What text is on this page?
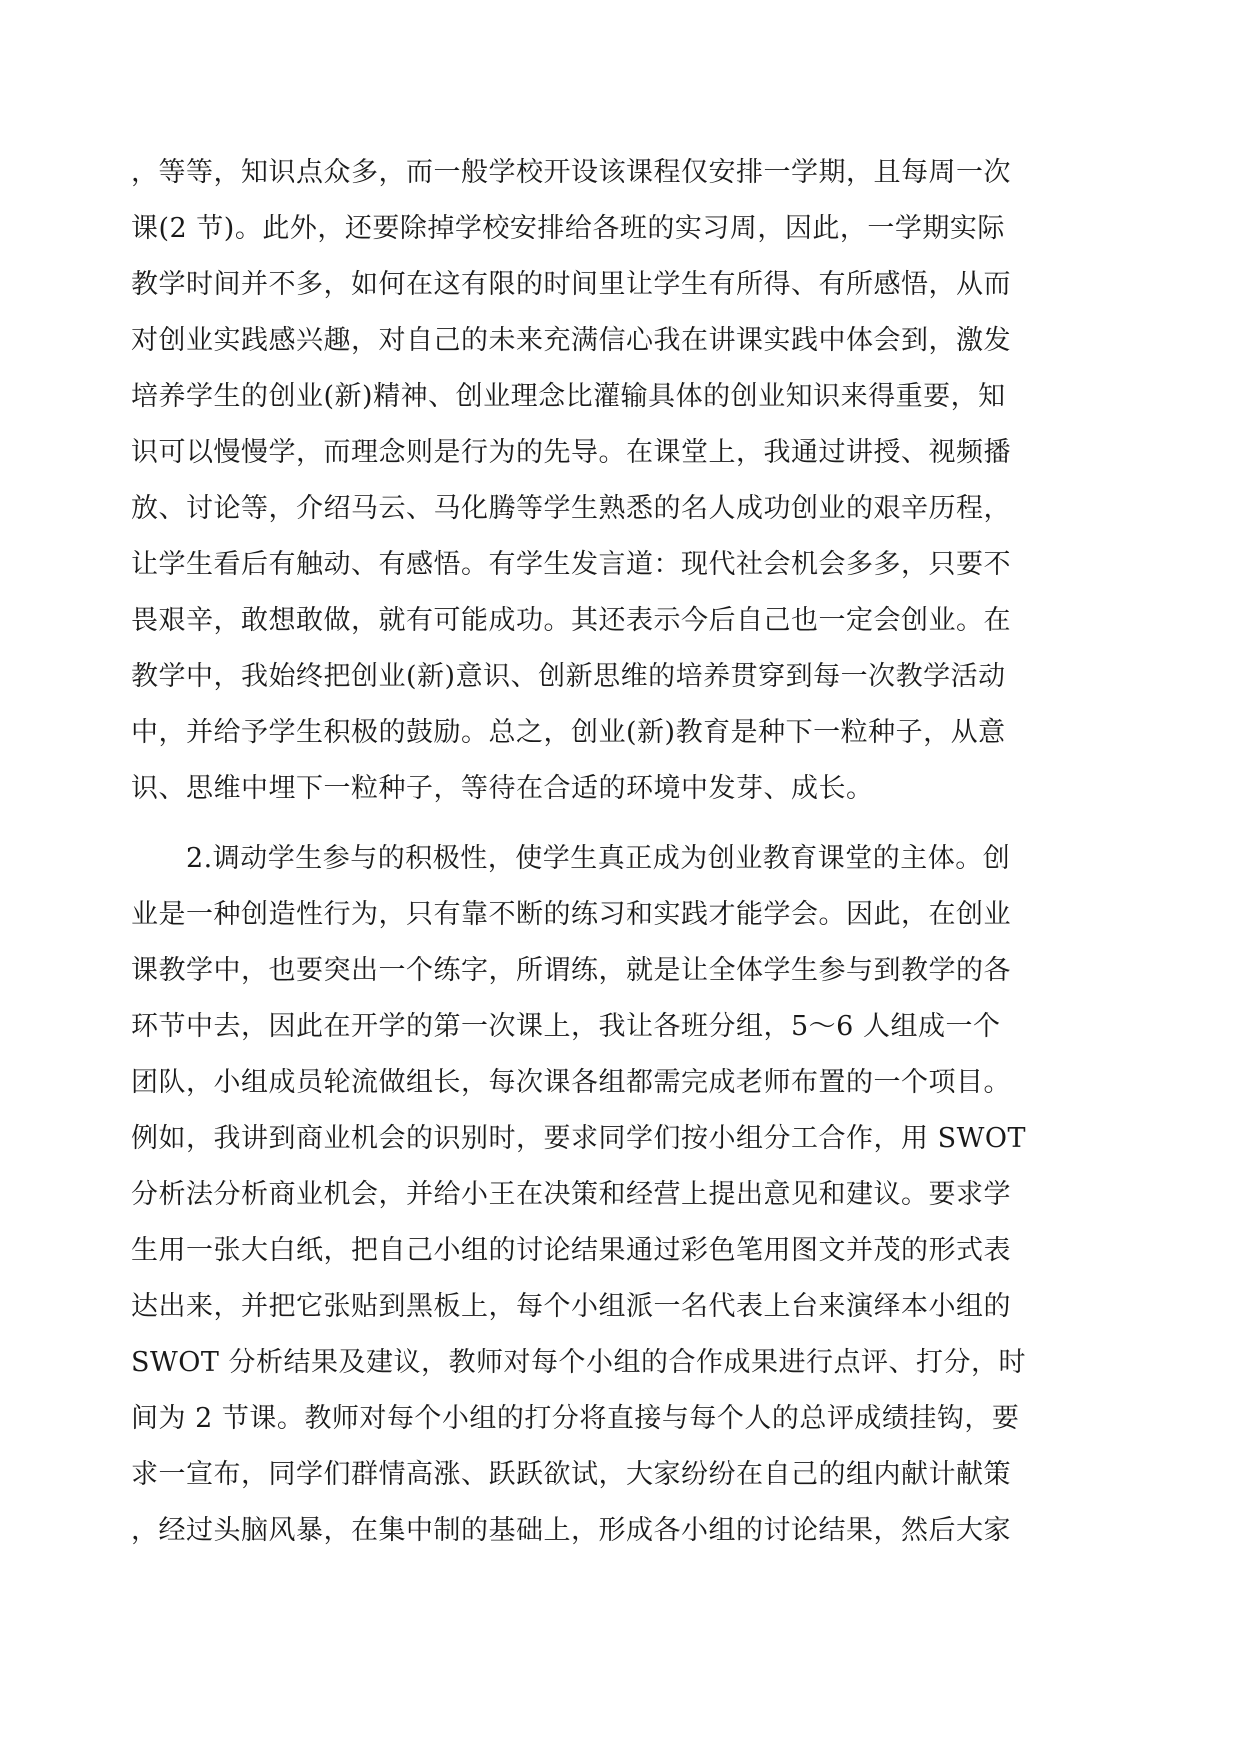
，等等，知识点众多，而一般学校开设该课程仅安排一学期，且每周一次
课(2 节)。此外，还要除掉学校安排给各班的实习周，因此，一学期实际
教学时间并不多，如何在这有限的时间里让学生有所得、有所感悟，从而
对创业实践感兴趣，对自己的未来充满信心我在讲课实践中体会到，激发
培养学生的创业(新)精神、创业理念比灌输具体的创业知识来得重要，知
识可以慢慢学，而理念则是行为的先导。在课堂上，我通过讲授、视频播
放、讨论等，介绍马云、马化腾等学生熟悉的名人成功创业的艰辛历程，
让学生看后有触动、有感悟。有学生发言道：现代社会机会多多，只要不
畏艰辛，敢想敢做，就有可能成功。其还表示今后自己也一定会创业。在
教学中，我始终把创业(新)意识、创新思维的培养贯穿到每一次教学活动
中，并给予学生积极的鼓励。总之，创业(新)教育是种下一粒种子，从意
识、思维中埋下一粒种子，等待在合适的环境中发芽、成长。
　　2.调动学生参与的积极性，使学生真正成为创业教育课堂的主体。创
业是一种创造性行为，只有靠不断的练习和实践才能学会。因此，在创业
课教学中，也要突出一个练字，所谓练，就是让全体学生参与到教学的各
环节中去，因此在开学的第一次课上，我让各班分组，5～6 人组成一个
团队，小组成员轮流做组长，每次课各组都需完成老师布置的一个项目。
例如，我讲到商业机会的识别时，要求同学们按小组分工合作，用 SWOT
分析法分析商业机会，并给小王在决策和经营上提出意见和建议。要求学
生用一张大白纸，把自己小组的讨论结果通过彩色笔用图文并茂的形式表
达出来，并把它张贴到黑板上，每个小组派一名代表上台来演绎本小组的
SWOT 分析结果及建议，教师对每个小组的合作成果进行点评、打分，时
间为 2 节课。教师对每个小组的打分将直接与每个人的总评成绩挂钩，要
求一宣布，同学们群情高涨、跃跃欲试，大家纷纷在自己的组内献计献策
，经过头脑风暴，在集中制的基础上，形成各小组的讨论结果，然后大家
